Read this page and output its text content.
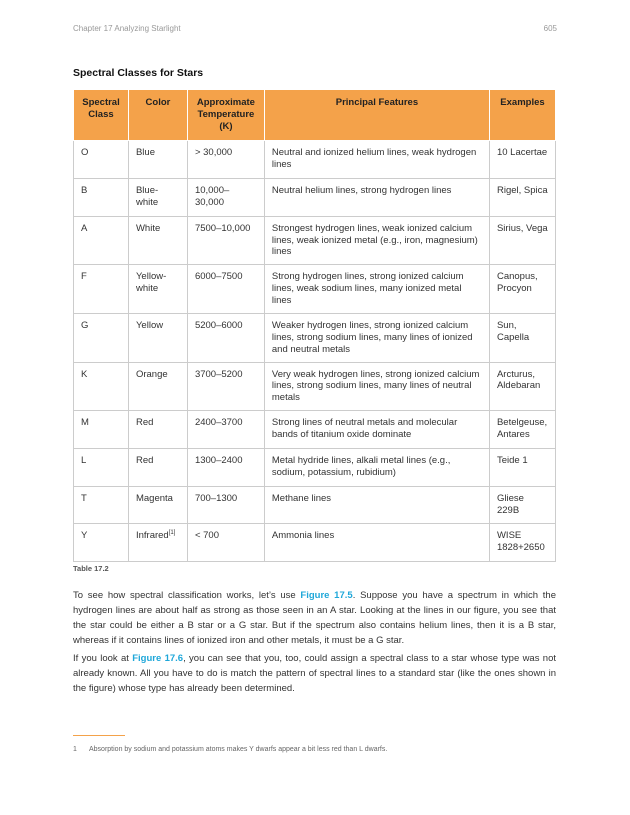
Chapter 17 Analyzing Starlight	605
Spectral Classes for Stars
Spectral Class	Color	Approximate Temperature (K)	Principal Features	Examples
O	Blue	> 30,000	Neutral and ionized helium lines, weak hydrogen lines	10 Lacertae
B	Blue-white	10,000–30,000	Neutral helium lines, strong hydrogen lines	Rigel, Spica
A	White	7500–10,000	Strongest hydrogen lines, weak ionized calcium lines, weak ionized metal (e.g., iron, magnesium) lines	Sirius, Vega
F	Yellow-white	6000–7500	Strong hydrogen lines, strong ionized calcium lines, weak sodium lines, many ionized metal lines	Canopus, Procyon
G	Yellow	5200–6000	Weaker hydrogen lines, strong ionized calcium lines, strong sodium lines, many lines of ionized and neutral metals	Sun, Capella
K	Orange	3700–5200	Very weak hydrogen lines, strong ionized calcium lines, strong sodium lines, many lines of neutral metals	Arcturus, Aldebaran
M	Red	2400–3700	Strong lines of neutral metals and molecular bands of titanium oxide dominate	Betelgeuse, Antares
L	Red	1300–2400	Metal hydride lines, alkali metal lines (e.g., sodium, potassium, rubidium)	Teide 1
T	Magenta	700–1300	Methane lines	Gliese 229B
Y	Infrared[1]	< 700	Ammonia lines	WISE 1828+2650
Table 17.2

To see how spectral classification works, let’s use Figure 17.5. Suppose you have a spectrum in which the hydrogen lines are about half as strong as those seen in an A star. Looking at the lines in our figure, you see that the star could be either a B star or a G star. But if the spectrum also contains helium lines, then it is a B star, whereas if it contains lines of ionized iron and other metals, it must be a G star.

If you look at Figure 17.6, you can see that you, too, could assign a spectral class to a star whose type was not already known. All you have to do is match the pattern of spectral lines to a standard star (like the ones shown in the figure) whose type has already been determined.

1 Absorption by sodium and potassium atoms makes Y dwarfs appear a bit less red than L dwarfs.
